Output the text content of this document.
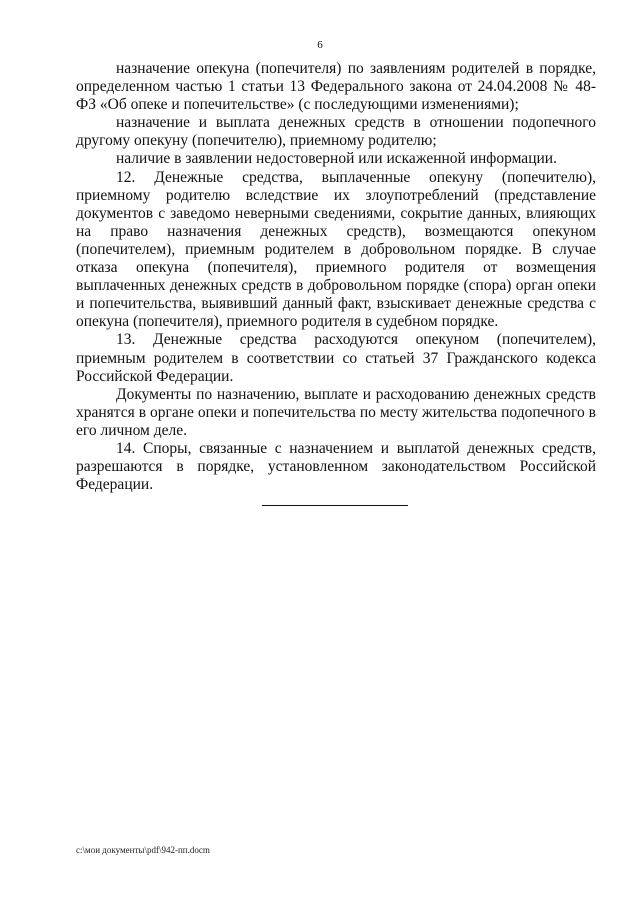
6

назначение опекуна (попечителя) по заявлениям родителей в порядке, определенном частью 1 статьи 13 Федерального закона от 24.04.2008 № 48-ФЗ «Об опеке и попечительстве» (с последующими изменениями);

назначение и выплата денежных средств в отношении подопечного другому опекуну (попечителю), приемному родителю;

наличие в заявлении недостоверной или искаженной информации.

12. Денежные средства, выплаченные опекуну (попечителю), приемному родителю вследствие их злоупотреблений (представление документов с заведомо неверными сведениями, сокрытие данных, влияющих на право назначения денежных средств), возмещаются опекуном (попечителем), приемным родителем в добровольном порядке. В случае отказа опекуна (попечителя), приемного родителя от возмещения выплаченных денежных средств в добровольном порядке (спора) орган опеки и попечительства, выявивший данный факт, взыскивает денежные средства с опекуна (попечителя), приемного родителя в судебном порядке.

13. Денежные средства расходуются опекуном (попечителем), приемным родителем в соответствии со статьей 37 Гражданского кодекса Российской Федерации.

Документы по назначению, выплате и расходованию денежных средств хранятся в органе опеки и попечительства по месту жительства подопечного в его личном деле.

14. Споры, связанные с назначением и выплатой денежных средств, разрешаются в порядке, установленном законодательством Российской Федерации.

c:\мои документы\pdf\942-пп.docm
